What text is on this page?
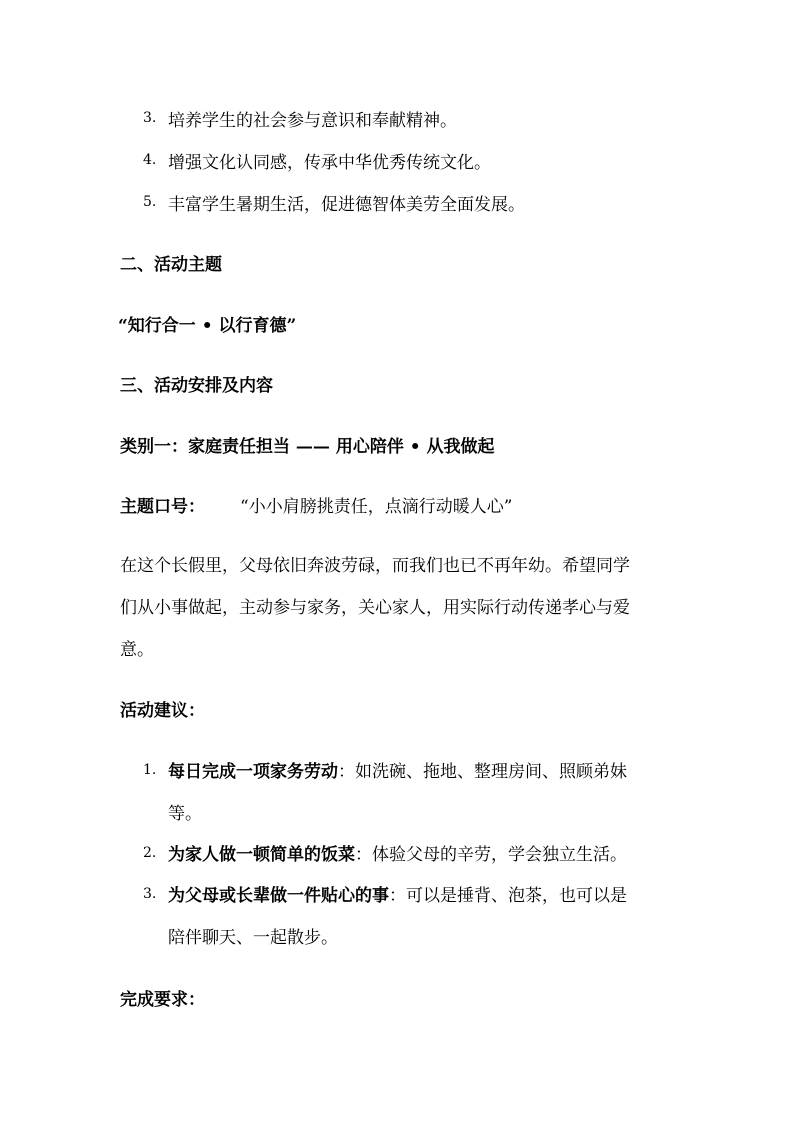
3. 培养学生的社会参与意识和奉献精神。
4. 增强文化认同感，传承中华优秀传统文化。
5. 丰富学生暑期生活，促进德智体美劳全面发展。
二、活动主题
“知行合一 • 以行育德”
三、活动安排及内容
类别一：家庭责任担当 —— 用心陪伴 • 从我做起
主题口号： “小小肩膀挑责任，点滴行动暖人心”
在这个长假里，父母依旧奔波劳碌，而我们也已不再年幼。希望同学
们从小事做起，主动参与家务，关心家人，用实际行动传递孝心与爱
意。
活动建议：
1. 每日完成一项家务劳动：如洗碗、拖地、整理房间、照顾弟妹
等。
2. 为家人做一顿简单的饭菜：体验父母的辛劳，学会独立生活。
3. 为父母或长辈做一件贴心的事：可以是捶背、泡茶，也可以是
陪伴聊天、一起散步。
完成要求：
